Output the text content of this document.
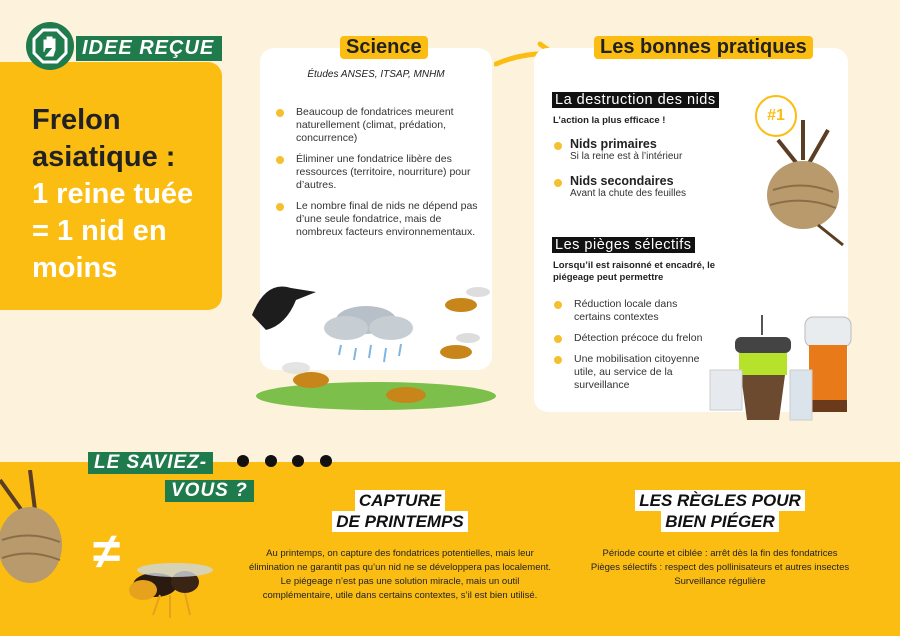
Frelon
asiatique :
1 reine tuée
= 1 nid en
moins
IDEE REÇUE	Science
Études ANSES, ITSAP, MNHM
Beaucoup de fondatrices meurent naturellement (climat, prédation, concurrence)
Éliminer une fondatrice libère des ressources (territoire, nourriture) pour d’autres.
Le nombre final de nids ne dépend pas d’une seule fondatrice, mais de nombreux facteurs environnementaux.
Les bonnes pratiques
La destruction des nids
L’action la plus efficace !
Nids primaires
Si la reine est à l’intérieur
Nids secondaires
Avant la chute des feuilles
#1
Les pièges sélectifs
Lorsqu’il est raisonné et encadré, le piégeage peut permettre
Réduction locale dans certains contextes
Détection précoce du frelon
Une mobilisation citoyenne utile, au service de la surveillance
LE SAVIEZ-
VOUS ?
≠
CAPTURE
DE PRINTEMPS
Au printemps, on capture des fondatrices potentielles, mais leur
élimination ne garantit pas qu’un nid ne se développera pas localement.
Le piégeage n’est pas une solution miracle, mais un outil
complémentaire, utile dans certains contextes, s’il est bien utilisé.
LES RÈGLES POUR
BIEN PIÉGER
Période courte et ciblée : arrêt dès la fin des fondatrices
Pièges sélectifs : respect des pollinisateurs et autres insectes
Surveillance régulière
